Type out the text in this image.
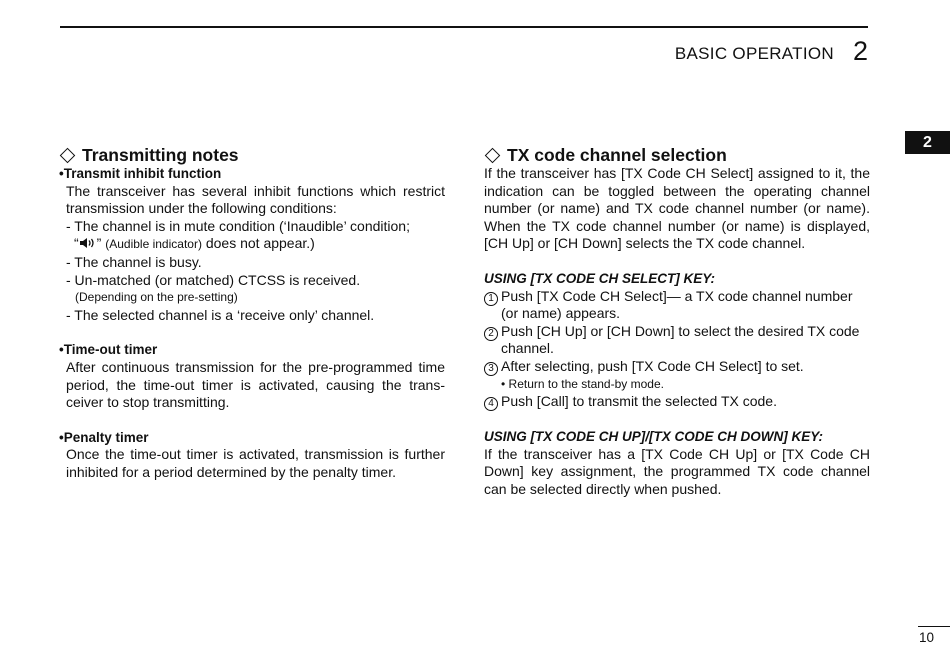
BASIC OPERATION 2
2
Transmitting notes
•Transmit inhibit function
The transceiver has several inhibit functions which restrict transmission under the following conditions:
- The channel is in mute condition (‘Inaudible’ condition;
“ ” (Audible indicator) does not appear.)
- The channel is busy.
- Un-matched (or matched) CTCSS is received.
(Depending on the pre-setting)
- The selected channel is a ‘receive only’ channel.
•Time-out timer
After continuous transmission for the pre-programmed time period, the time-out timer is activated, causing the trans-ceiver to stop transmitting.
•Penalty timer
Once the time-out timer is activated, transmission is further inhibited for a period determined by the penalty timer.
TX code channel selection
If the transceiver has [TX Code CH Select] assigned to it, the indication can be toggled between the operating channel number (or name) and TX code channel number (or name). When the TX code channel number (or name) is displayed, [CH Up] or [CH Down] selects the TX code channel.
USING [TX CODE CH SELECT] KEY:
1 Push [TX Code CH Select]— a TX code channel number (or name) appears.
2 Push [CH Up] or [CH Down] to select the desired TX code channel.
3 After selecting, push [TX Code CH Select] to set.
• Return to the stand-by mode.
4 Push [Call] to transmit the selected TX code.
USING [TX CODE CH UP]/[TX CODE CH DOWN] KEY:
If the transceiver has a [TX Code CH Up] or [TX Code CH Down] key assignment, the programmed TX code channel can be selected directly when pushed.
10
